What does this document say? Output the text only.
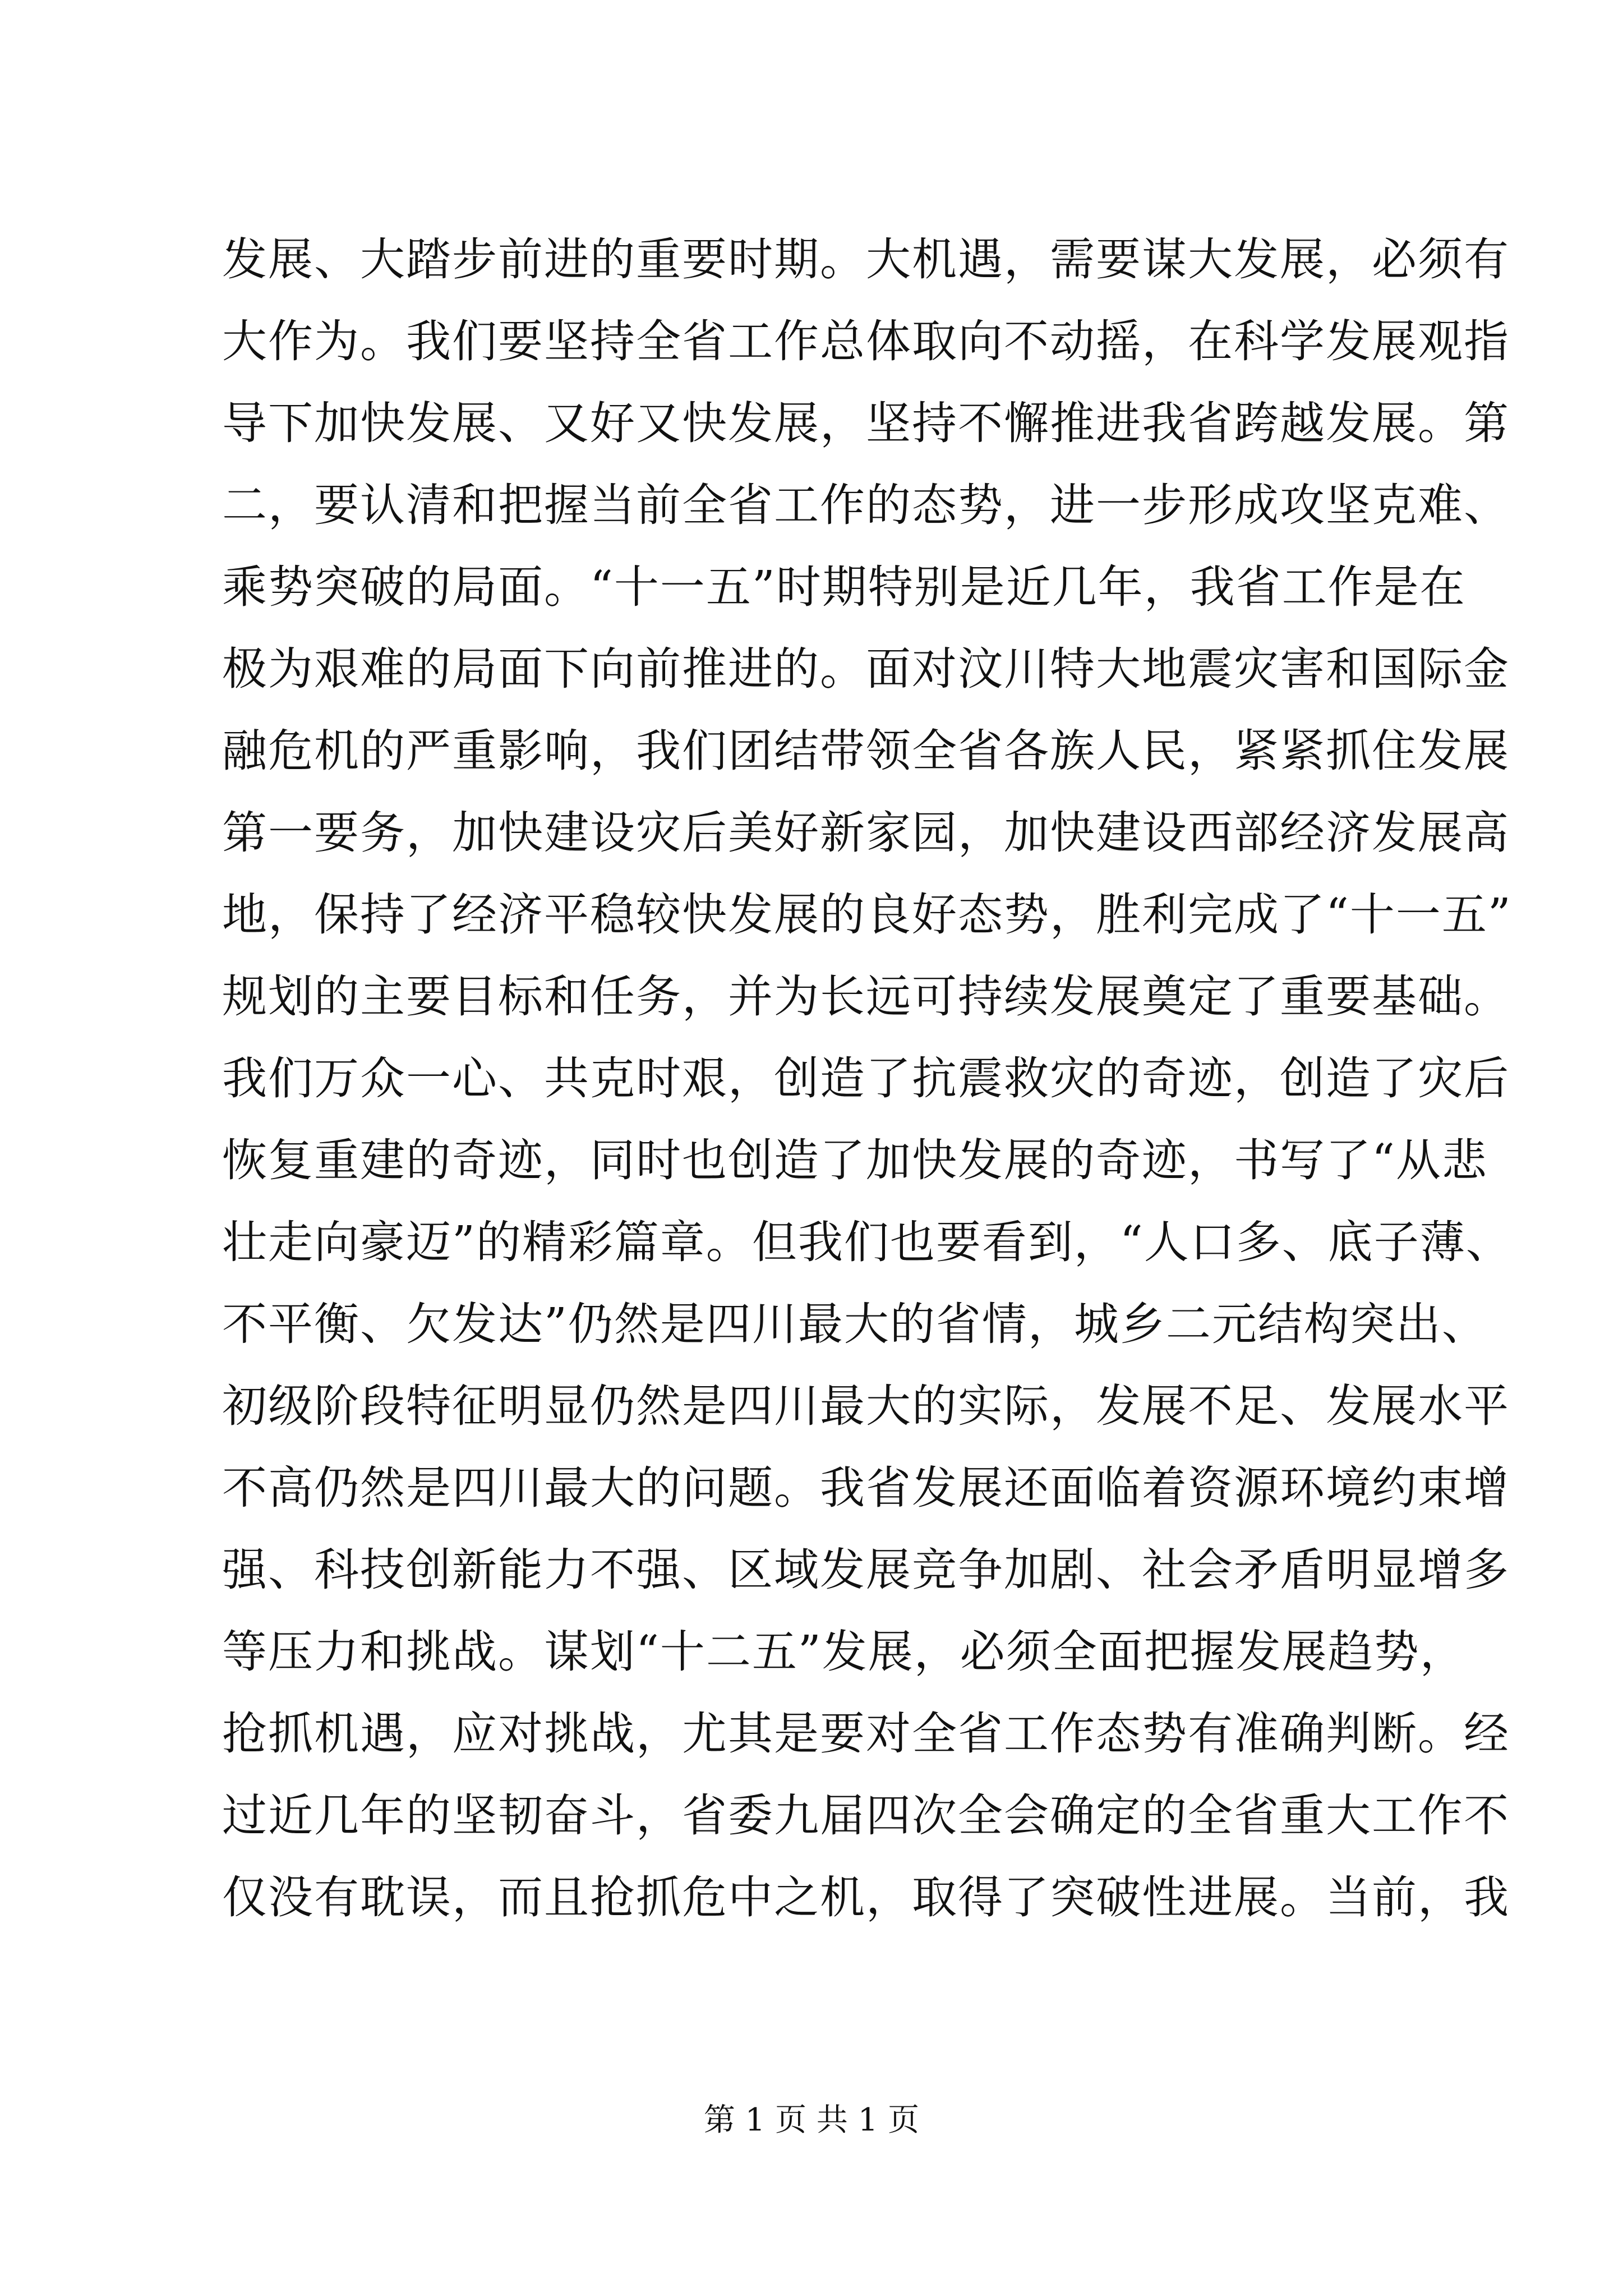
发展、大踏步前进的重要时期。大机遇，需要谋大发展，必须有
大作为。我们要坚持全省工作总体取向不动摇，在科学发展观指
导下加快发展、又好又快发展，坚持不懈推进我省跨越发展。第
二，要认清和把握当前全省工作的态势，进一步形成攻坚克难、
乘势突破的局面。“十一五”时期特别是近几年，我省工作是在
极为艰难的局面下向前推进的。面对汶川特大地震灾害和国际金
融危机的严重影响，我们团结带领全省各族人民，紧紧抓住发展
第一要务，加快建设灾后美好新家园，加快建设西部经济发展高
地，保持了经济平稳较快发展的良好态势，胜利完成了“十一五”
规划的主要目标和任务，并为长远可持续发展奠定了重要基础。
我们万众一心、共克时艰，创造了抗震救灾的奇迹，创造了灾后
恢复重建的奇迹，同时也创造了加快发展的奇迹，书写了“从悲
壮走向豪迈”的精彩篇章。但我们也要看到，“人口多、底子薄、
不平衡、欠发达”仍然是四川最大的省情，城乡二元结构突出、
初级阶段特征明显仍然是四川最大的实际，发展不足、发展水平
不高仍然是四川最大的问题。我省发展还面临着资源环境约束增
强、科技创新能力不强、区域发展竞争加剧、社会矛盾明显增多
等压力和挑战。谋划“十二五”发展，必须全面把握发展趋势，
抢抓机遇，应对挑战，尤其是要对全省工作态势有准确判断。经
过近几年的坚韧奋斗，省委九届四次全会确定的全省重大工作不
仅没有耽误，而且抢抓危中之机，取得了突破性进展。当前，我
第 1 页 共 1 页
